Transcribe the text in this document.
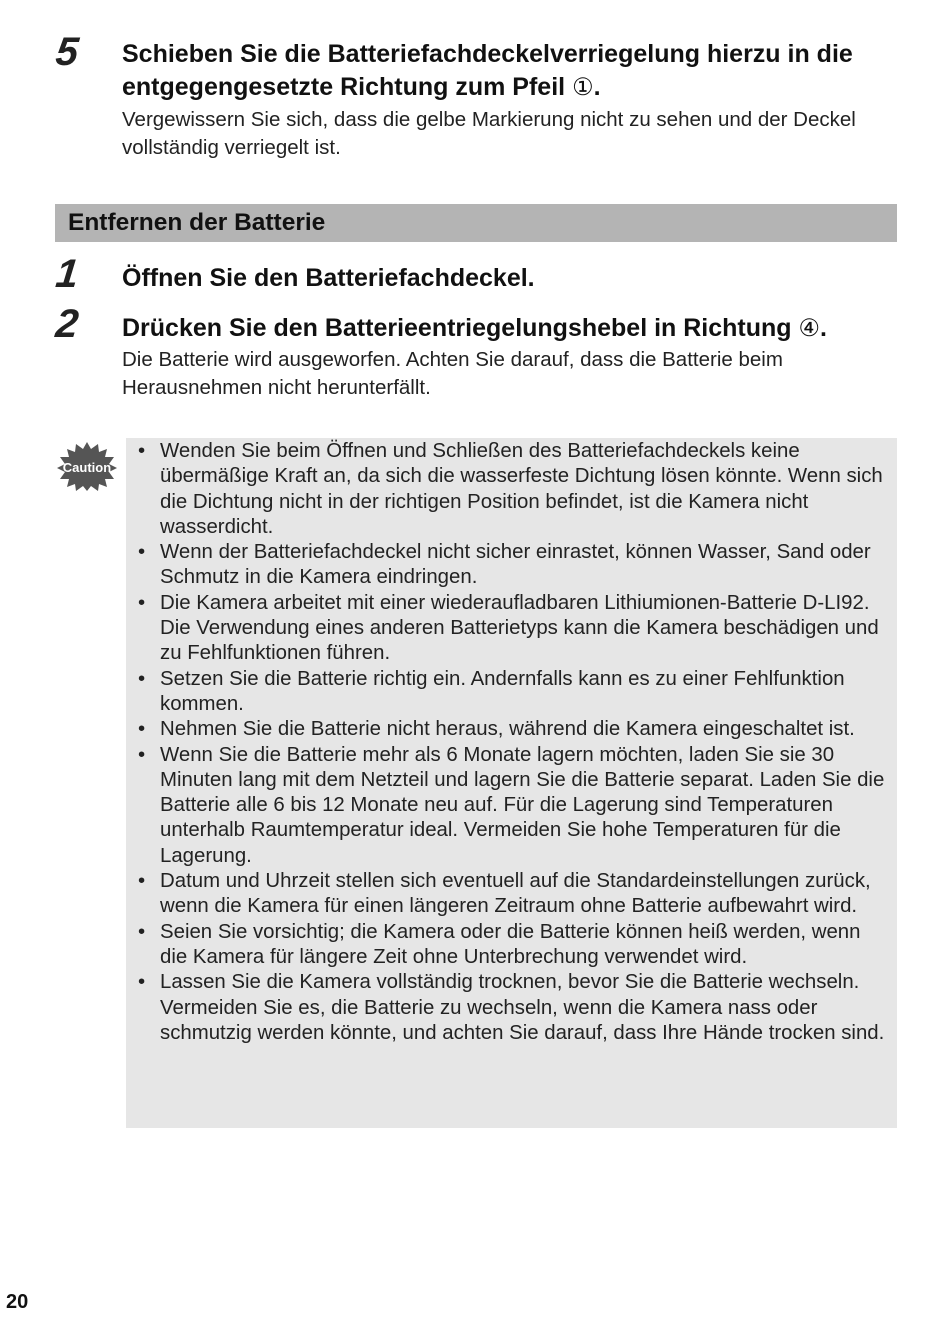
5 Schieben Sie die Batteriefachdeckelverriegelung hierzu in die entgegengesetzte Richtung zum Pfeil ①.
Vergewissern Sie sich, dass die gelbe Markierung nicht zu sehen und der Deckel vollständig verriegelt ist.
Entfernen der Batterie
1 Öffnen Sie den Batteriefachdeckel.
2 Drücken Sie den Batterieentriegelungshebel in Richtung ④.
Die Batterie wird ausgeworfen. Achten Sie darauf, dass die Batterie beim Herausnehmen nicht herunterfällt.
Caution
• Wenden Sie beim Öffnen und Schließen des Batteriefachdeckels keine übermäßige Kraft an, da sich die wasserfeste Dichtung lösen könnte. Wenn sich die Dichtung nicht in der richtigen Position befindet, ist die Kamera nicht wasserdicht.
• Wenn der Batteriefachdeckel nicht sicher einrastet, können Wasser, Sand oder Schmutz in die Kamera eindringen.
• Die Kamera arbeitet mit einer wiederaufladbaren Lithiumionen-Batterie D-LI92. Die Verwendung eines anderen Batterietyps kann die Kamera beschädigen und zu Fehlfunktionen führen.
• Setzen Sie die Batterie richtig ein. Andernfalls kann es zu einer Fehlfunktion kommen.
• Nehmen Sie die Batterie nicht heraus, während die Kamera eingeschaltet ist.
• Wenn Sie die Batterie mehr als 6 Monate lagern möchten, laden Sie sie 30 Minuten lang mit dem Netzteil und lagern Sie die Batterie separat. Laden Sie die Batterie alle 6 bis 12 Monate neu auf. Für die Lagerung sind Temperaturen unterhalb Raumtemperatur ideal. Vermeiden Sie hohe Temperaturen für die Lagerung.
• Datum und Uhrzeit stellen sich eventuell auf die Standardeinstellungen zurück, wenn die Kamera für einen längeren Zeitraum ohne Batterie aufbewahrt wird.
• Seien Sie vorsichtig; die Kamera oder die Batterie können heiß werden, wenn die Kamera für längere Zeit ohne Unterbrechung verwendet wird.
• Lassen Sie die Kamera vollständig trocknen, bevor Sie die Batterie wechseln. Vermeiden Sie es, die Batterie zu wechseln, wenn die Kamera nass oder schmutzig werden könnte, und achten Sie darauf, dass Ihre Hände trocken sind.
20
